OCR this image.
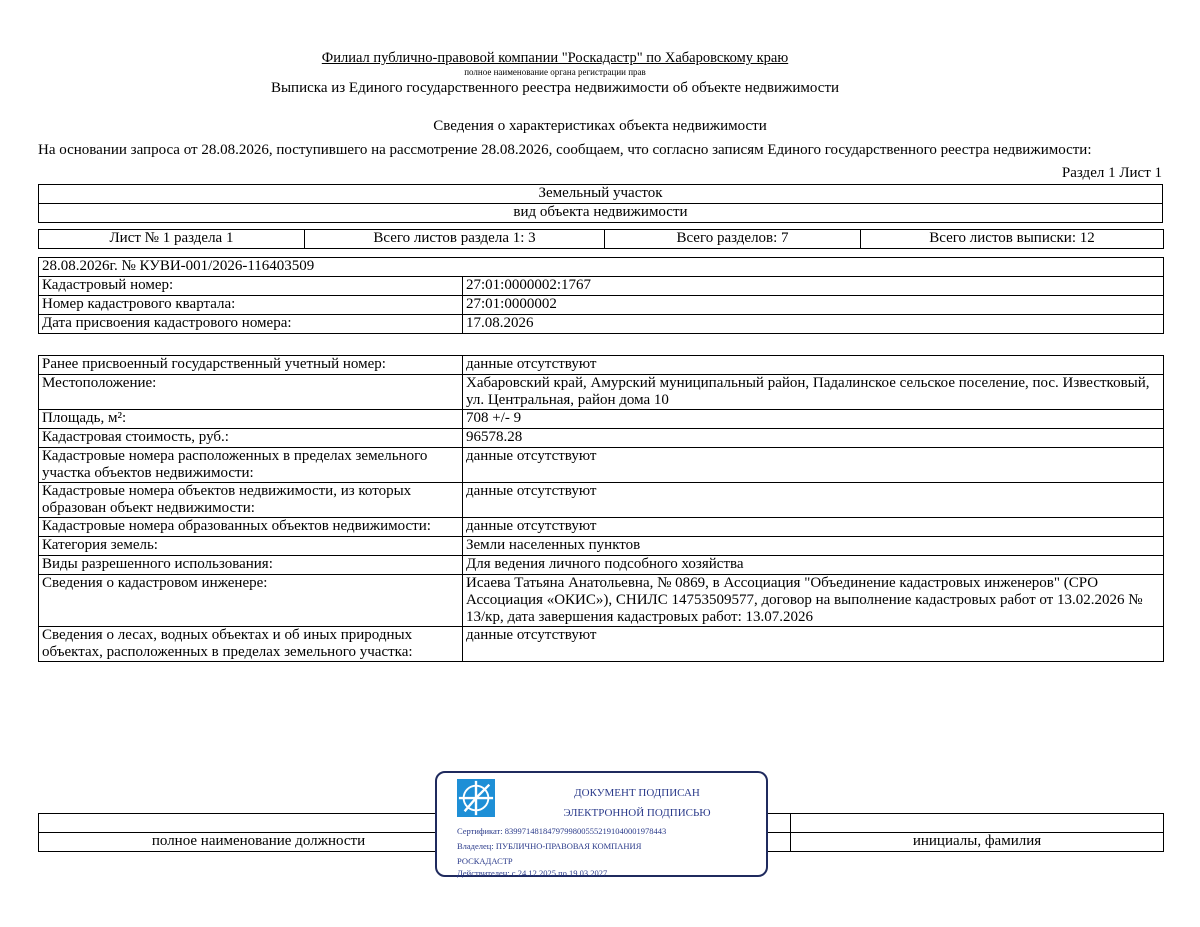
Филиал публично-правовой компании "Роскадастр" по Хабаровскому краю
полное наименование органа регистрации прав
Выписка из Единого государственного реестра недвижимости об объекте недвижимости
Сведения о характеристиках объекта недвижимости
На основании запроса от 28.08.2026, поступившего на рассмотрение 28.08.2026, сообщаем, что согласно записям Единого государственного реестра недвижимости:
Раздел 1 Лист 1
Земельный участок
вид объекта недвижимости
Лист № 1 раздела 1	Всего листов раздела 1: 3	Всего разделов: 7	Всего листов выписки: 12
28.08.2026г. № КУВИ-001/2026-116403509	
Кадастровый номер:	27:01:0000002:1767
Номер кадастрового квартала:	27:01:0000002
Дата присвоения кадастрового номера:	17.08.2026
Ранее присвоенный государственный учетный номер:	данные отсутствуют
Местоположение:	Хабаровский край, Амурский муниципальный район, Падалинское сельское поселение, пос. Известковый, ул. Центральная, район дома 10
Площадь, м²:	708 +/- 9
Кадастровая стоимость, руб.:	96578.28
Кадастровые номера расположенных в пределах земельного участка объектов недвижимости:	данные отсутствуют
Кадастровые номера объектов недвижимости, из которых образован объект недвижимости:	данные отсутствуют
Кадастровые номера образованных объектов недвижимости:	данные отсутствуют
Категория земель:	Земли населенных пунктов
Виды разрешенного использования:	Для ведения личного подсобного хозяйства
Сведения о кадастровом инженере:	Исаева Татьяна Анатольевна, № 0869, в Ассоциация "Объединение кадастровых инженеров" (СРО Ассоциация «ОКИС»), СНИЛС 14753509577, договор на выполнение кадастровых работ от 13.02.2026 № 13/кр, дата завершения кадастровых работ: 13.07.2026
Сведения о лесах, водных объектах и об иных природных объектах, расположенных в пределах земельного участка:	данные отсутствуют

полное наименование должности		инициалы, фамилия
ДОКУМЕНТ ПОДПИСАН
ЭЛЕКТРОННОЙ ПОДПИСЬЮ
Сертификат: 839971481847979980055521910400019784​43
Владелец: ПУБЛИЧНО-ПРАВОВАЯ КОМПАНИЯ
РОСКАДАСТР
Действителен: с 24.12.2025 по 19.03.2027
